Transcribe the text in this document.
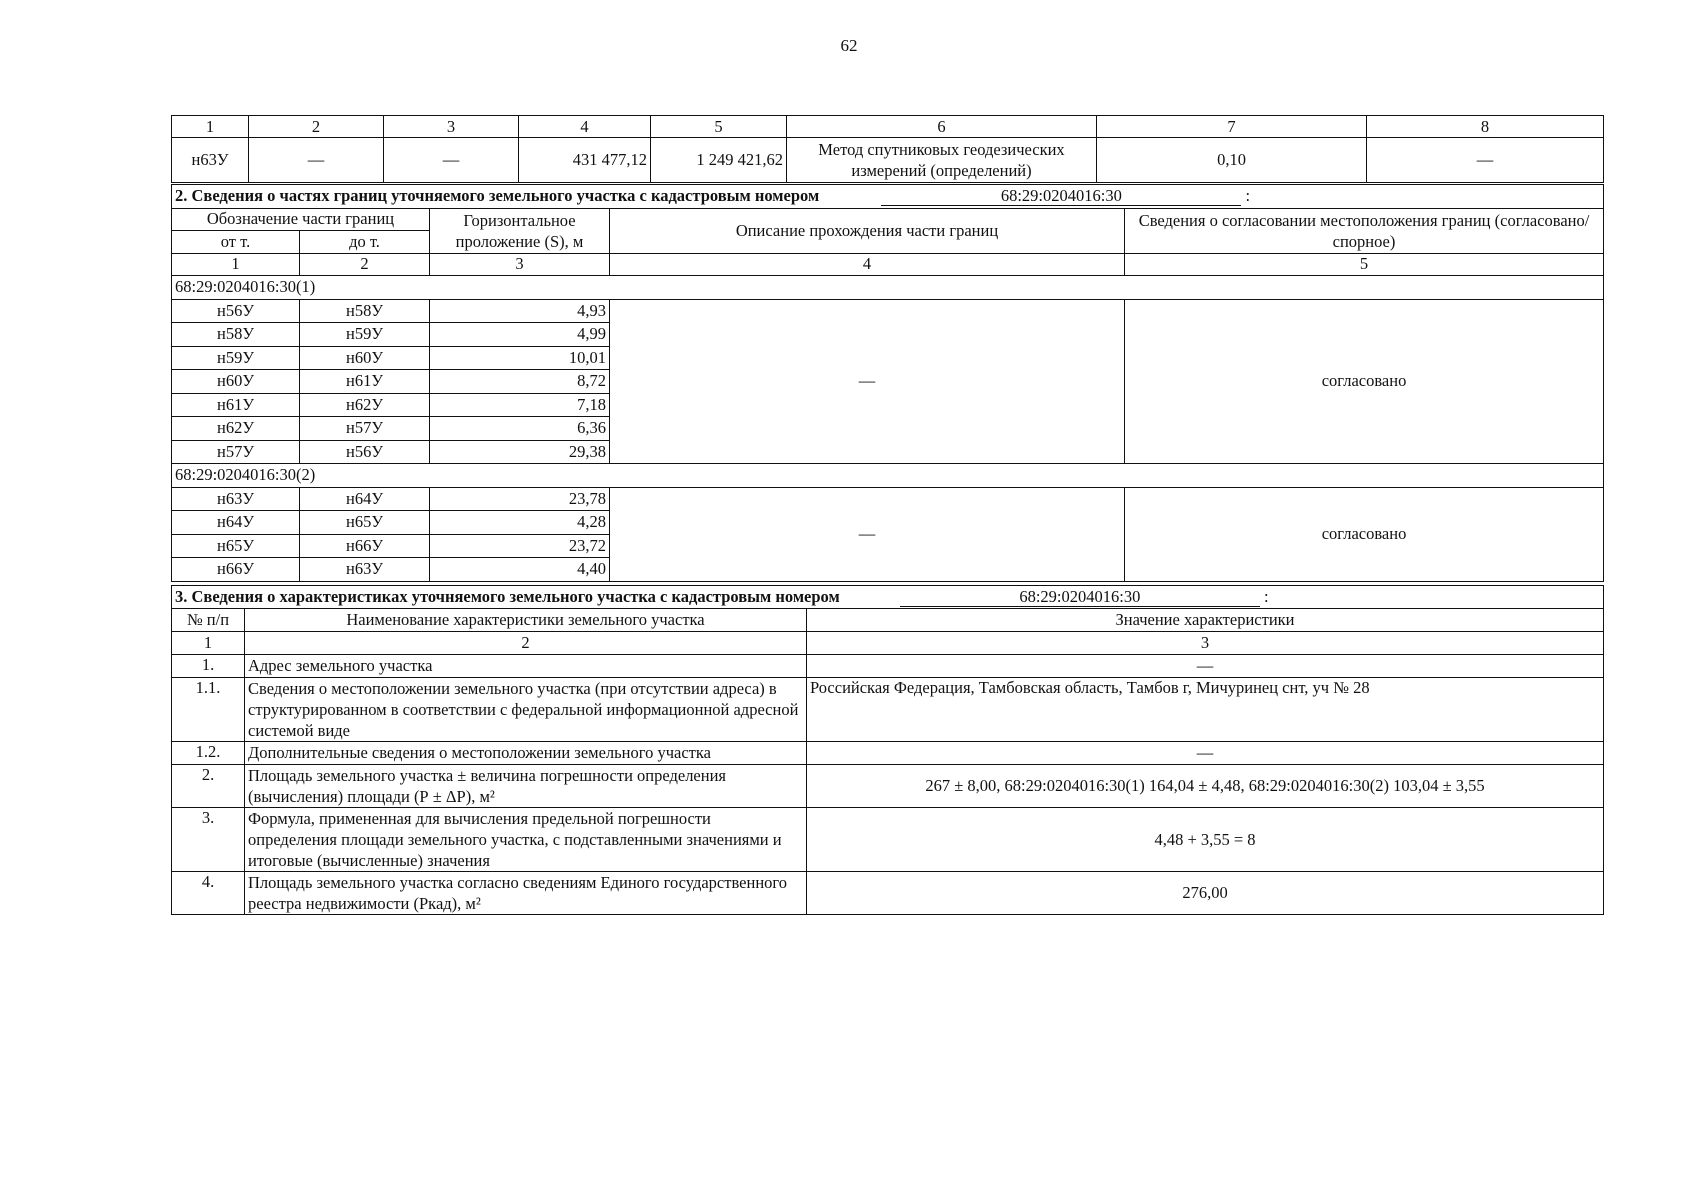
62
1	2	3	4	5	6	7	8
н63У	—	—	431 477,12	1 249 421,62	Метод спутниковых геодезических измерений (определений)	0,10	—
2. Сведения о частях границ уточняемого земельного участка с кадастровым номером 68:29:0204016:30 :				
Обозначение части границ		Горизонтальное проложение (S), м	Описание прохождения части границ	Сведения о согласовании местоположения границ (согласовано/спорное)
от т.	до т.			
1	2	3	4	5
68:29:0204016:30(1)				
н56У	н58У	4,93	—	согласовано
н58У	н59У	4,99		
н59У	н60У	10,01		
н60У	н61У	8,72		
н61У	н62У	7,18		
н62У	н57У	6,36		
н57У	н56У	29,38		
68:29:0204016:30(2)				
н63У	н64У	23,78	—	согласовано
н64У	н65У	4,28		
н65У	н66У	23,72		
н66У	н63У	4,40		
3. Сведения о характеристиках уточняемого земельного участка с кадастровым номером 68:29:0204016:30 :		
№ п/п	Наименование характеристики земельного участка	Значение характеристики
1	2	3
1.	Адрес земельного участка	—
1.1.	Сведения о местоположении земельного участка (при отсутствии адреса) в структурированном в соответствии с федеральной информационной адресной системой виде	Российская Федерация, Тамбовская область, Тамбов г, Мичуринец снт, уч № 28
1.2.	Дополнительные сведения о местоположении земельного участка	—
2.	Площадь земельного участка ± величина погрешности определения (вычисления) площади (Р ± ΔР), м²	267 ± 8,00, 68:29:0204016:30(1) 164,04 ± 4,48, 68:29:0204016:30(2) 103,04 ± 3,55
3.	Формула, примененная для вычисления предельной погрешности определения площади земельного участка, с подставленными значениями и итоговые (вычисленные) значения	4,48 + 3,55 = 8
4.	Площадь земельного участка согласно сведениям Единого государственного реестра недвижимости (Ркад), м²	276,00
